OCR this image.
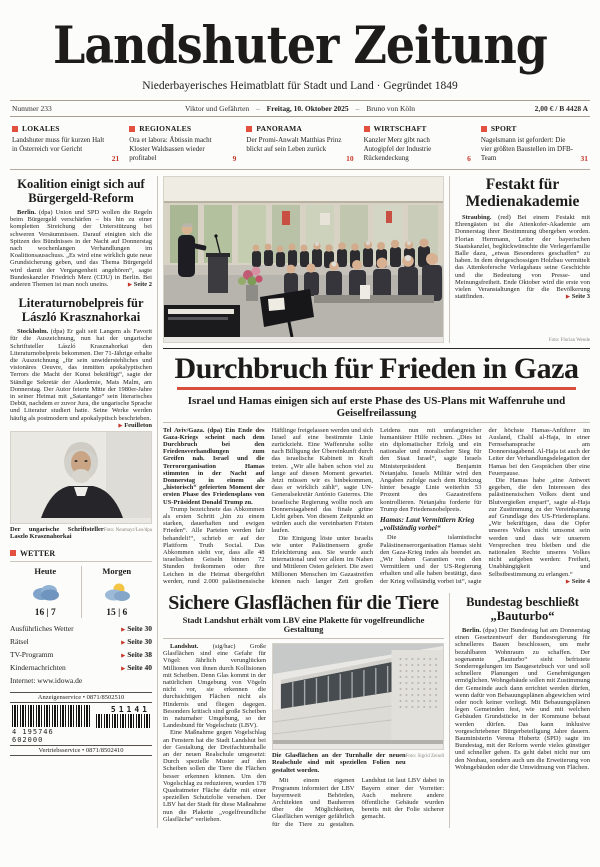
Landshuter Zeitung
Niederbayerisches Heimatblatt für Stadt und Land · Gegründet 1849
Nummer 233	Viktor und Gefährten – Freitag, 10. Oktober 2025 – Bruno von Köln	2,00 € / B 4428 A
LOKALES

Landshuter muss für kurzen Halt in Österreich vor Gericht

21
REGIONALES

Ora et labora: Äbtissin macht Kloster Waldsassen wieder profitabel	9
PANORAMA

Der Promi-Anwalt Matthias Prinz blickt auf sein Leben zurück

10
WIRTSCHAFT

Kanzler Merz gibt nach Autogipfel der Industrie Rückendeckung	6
SPORT

Nagelsmann ist gefordert: Die vier größten Baustellen im DFB-Team	31
Koalition einigt sich auf Bürgergeld-Reform

Berlin. (dpa) Union und SPD wollen die Regeln beim Bürgergeld verschärfen – bis hin zu einer kompletten Streichung der Unterstützung bei schweren Versäumnissen. Darauf einigten sich die Spitzen des Bündnisses in der Nacht auf Donnerstag nach wochenlangen Verhandlungen im Koalitionsausschuss. „Es wird eine wirklich gute neue Grundsicherung geben, und das Thema Bürgergeld wird damit der Vergangenheit angehören“, sagte Bundeskanzler Friedrich Merz (CDU) in Berlin. Bei anderen Themen ist man noch uneins.	▶ Seite 2

Literaturnobelpreis für László Krasznahorkai

Stockholm. (dpa) Er galt seit Langem als Favorit für die Auszeichnung, nun hat der ungarische Schriftsteller László Krasznahorkai den Literaturnobelpreis bekommen. Der 71-Jährige erhalte die Auszeichnung „für sein unwiderstehliches und visionäres Oeuvre, das inmitten apokalyptischen Terrors die Macht der Kunst bekräftigt“, sagte der Ständige Sekretär der Akademie, Mats Malm, am Donnerstag. Der Autor feierte Mitte der 1980er-Jahre in seiner Heimat mit „Satantango“ sein literarisches Debüt, nachdem er zuvor Jura, die ungarische Sprache und Literatur studiert hatte. Seine Werke werden häufig als postmodern und apokalyptisch beschrieben.
▶ Feuilleton

Foto: Neumayr/Leo/dpa
Der ungarische Schriftsteller Laszlo Krasznahorkai
WETTER
Heute
16 | 7
Morgen
15 | 6
Ausführliches Wetter	▶ Seite 30
Rätsel	▶ Seite 30
TV-Programm	▶ Seite 38
Kindernachrichten	▶ Seite 40
Internet: www.idowa.de
Anzeigenservice • 0871/8502510
4 195746 602000
51141
Vertriebsservice • 0871/8502410
Festakt für Medienakademie

Straubing. (red) Bei einem Festakt mit Ehrengästen ist die Attenkofer-Akademie am Donnerstag ihrer Bestimmung übergeben worden. Florian Herrmann, Leiter der bayerischen Staatskanzlei, beglückwünschte die Verlegerfamilie Balle dazu, „etwas Besonderes geschaffen“ zu haben. In dem dreigeschossigen Holzbau vermittelt das Attenkofersche Verlagshaus seine Geschichte und die Bedeutung von Presse- und Meinungsfreiheit. Ende Oktober wird die erste von vielen Veranstaltungen für die Bevölkerung stattfinden.	▶ Seite 3

Foto: Florian Wende
Durchbruch für Frieden in Gaza
Israel und Hamas einigen sich auf erste Phase des US-Plans mit Waffenruhe und Geiselfreilassung

Tel Aviv/Gaza. (dpa) Ein Ende des Gaza-Kriegs scheint nach dem Durchbruch bei den Friedensverhandlungen zum Greifen nah. Israel und die Terrororganisation Hamas stimmten in der Nacht auf Donnerstag in einem als „historisch“ gefeierten Moment der ersten Phase des Friedensplans von US-Präsident Donald Trump zu.

Trump bezeichnete das Abkommen als ersten Schritt „hin zu einem starken, dauerhaften und ewigen Frieden“. Alle Parteien werden fair behandelt!“, schrieb er auf der Plattform Truth Social. Das Abkommen sieht vor, dass alle 48 israelischen Geiseln binnen 72 Stunden freikommen oder ihre Leichen in die Heimat übergeführt werden, rund 2.000 palästinensische Häftlinge freigelassen werden und sich Israel auf eine bestimmte Linie zurückzieht. Eine Waffenruhe sollte nach Billigung der Übereinkunft durch das israelische Kabinett in Kraft treten. „Wir alle haben schon viel zu lange auf diesen Moment gewartet. Jetzt müssen wir es hinbekommen, dass er wirklich zählt“, sagte UN-Generalsekretär António Guterres. Die israelische Regierung wollte noch am Donnerstagabend das finale grüne Licht geben. Von diesem Zeitpunkt an würden auch die vereinbarten Fristen laufen.

Die Einigung löste unter Israelis wie unter Palästinensern große Erleichterung aus. Sie wurde auch international und vor allem im Nahen und Mittleren Osten gefeiert. Die zwei Millionen Menschen im Gazastreifen können nach langer Zeit großen Leidens nun mit umfangreicher humanitärer Hilfe rechnen. „Dies ist ein diplomatischer Erfolg und ein nationaler und moralischer Sieg für den Staat Israel“, sagte Israels Ministerpräsident Benjamin Netanjahu. Israels Militär wird den Angaben zufolge nach dem Rückzug hinter besagte Linie weiterhin 53 Prozent des Gazastreifens kontrollieren. Netanjahu forderte für Trump den Friedensnobelpreis.

Hamas: Laut Vermittlern Krieg „vollständig vorbei“

Die islamistische Palästinenserorganisation Hamas sieht den Gaza-Krieg indes als beendet an. „Wir haben Garantien von den Vermittlern und der US-Regierung erhalten und alle haben bestätigt, dass der Krieg vollständig vorbei ist“, sagte der höchste Hamas-Anführer im Ausland, Chalil al-Haja, in einer Fernsehansprache am Donnerstagabend. Al-Haja ist auch der Leiter der Verhandlungsdelegation der Hamas bei den Gesprächen über eine Feuerpause.

Die Hamas habe „eine Antwort gegeben, die den Interessen des palästinensischen Volkes dient und Blutvergießen erspart“, sagte al-Haja zur Zustimmung zu der Vereinbarung auf Grundlage des US-Friedensplans. „Wir bekräftigen, dass die Opfer unseres Volkes nicht umsonst sein werden und dass wir unserem Versprechen treu bleiben und die nationalen Rechte unseres Volkes nicht aufgeben werden: Freiheit, Unabhängigkeit und Selbstbestimmung zu erlangen.“
▶ Seite 4

Sichere Glasflächen für die Tiere
Stadt Landshut erhält vom LBV eine Plakette für vogelfreundliche Gestaltung

Landshut. (sig/hac) Große Glasflächen sind eine Gefahr für Vögel: Jährlich verunglücken Millionen von ihnen durch Kollisionen mit Scheiben. Denn Glas kommt in der natürlichen Umgebung von Vögeln nicht vor, sie erkennen die durchsichtigen Flächen nicht als Hindernis und fliegen dagegen. Besonders kritisch sind große Scheiben in naturnaher Umgebung, so der Landesbund für Vogelschutz (LBV).

Eine Maßnahme gegen Vogelschlag an Fenstern hat die Stadt Landshut bei der Gestaltung der Dreifachturnhalle an der neuen Realschule umgesetzt: Durch spezielle Muster auf den Scheiben sollen die Tiere die Flächen besser erkennen können. Um den Vogelschlag zu reduzieren, wurden 178 Quadratmeter Fläche dafür mit einer speziellen Schutzfolie versehen. Der LBV hat der Stadt für diese Maßnahme nun die Plakette „vogelfreundliche Glasfläche“ verliehen.

Foto: Sigrid Zeindl
Die Glasflächen an der Turnhalle der neuen Realschule sind mit speziellen Folien neu gestaltet worden.

Mit einem eigenen Programm informiert der LBV bayernweit Behörden, Architekten und Bauherren über die Möglichkeiten, Glasflächen weniger gefährlich für die Tiere zu gestalten. Landshut ist laut LBV dabei in Bayern einer der Vorreiter: Auch mehrere andere öffentliche Gebäude wurden bereits mit der Folie sicherer gemacht.

Bundestag beschließt
„Bauturbo“

Berlin. (dpa) Der Bundestag hat am Donnerstag einen Gesetzentwurf der Bundesregierung für schnelleres Bauen beschlossen, um mehr bezahlbaren Wohnraum zu schaffen. Der sogenannte „Bauturbo“ sieht befristete Sonderregelungen im Baugesetzbuch vor und soll schnellere Planungen und Genehmigungen ermöglichen. Wohngebäude sollen mit Zustimmung der Gemeinde auch dann errichtet werden dürfen, wenn dafür von Bebauungsplänen abgewichen wird oder noch keiner vorliegt. Mit Bebauungsplänen legen Gemeinden fest, wie und mit welchen Gebäuden Grundstücke in der Kommune bebaut werden dürfen. Das kann inklusive vorgeschriebener Bürgerbeteiligung Jahre dauern. Bauministerin Verena Hubertz (SPD) sagte im Bundestag, mit der Reform werde vieles günstiger und schneller gehen. Es geht dabei nicht nur um den Neubau, sondern auch um die Erweiterung von Wohngebäuden oder die Umwidmung von Flächen.
